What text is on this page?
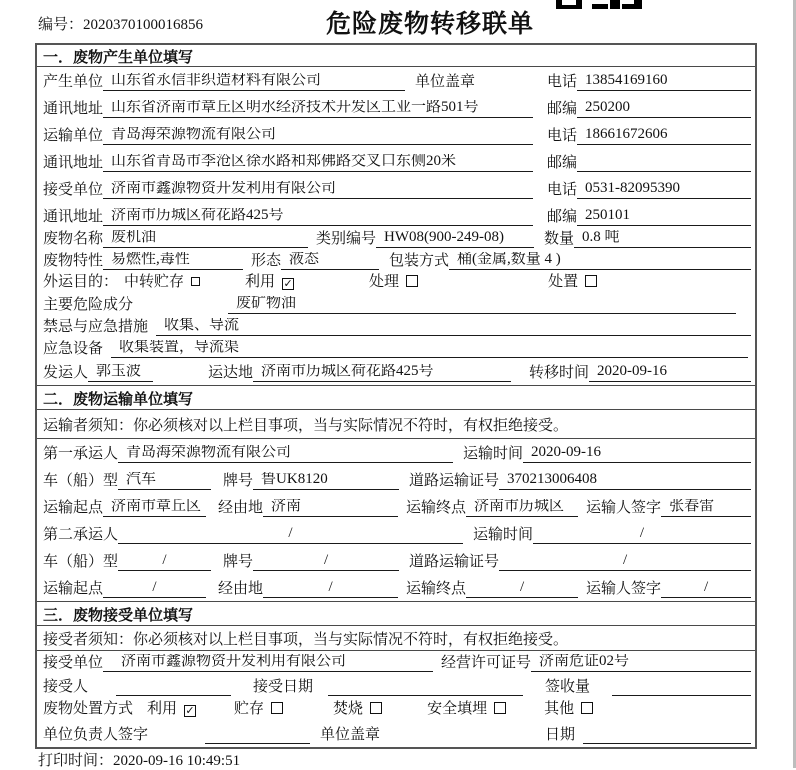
编号：2020370100016856	危险废物转移联单
一．废物产生单位填写
产生单位 山东省永信非织造材料有限公司	单位盖章	电话 13854169160
通讯地址 山东省济南市章丘区明水经济技术开发区工业一路501号	邮编 250200
运输单位 青岛海荣源物流有限公司	电话 18661672606
通讯地址 山东省青岛市李沧区徐水路和郑佛路交叉口东侧20米	邮编
接受单位 济南市鑫源物资开发利用有限公司	电话 0531-82095390
通讯地址 济南市历城区荷花路425号	邮编 250101
废物名称 废机油	类别编号 HW08(900-249-08)	数量 0.8 吨
废物特性 易燃性,毒性	形态 液态	包装方式 桶(金属,数量 4 )
外运目的： 中转贮存	利用 ✓	处理	处置
主要危险成分	废矿物油
禁忌与应急措施	收集、导流
应急设备	收集装置，导流渠
发运人 郭玉波	运达地 济南市历城区荷花路425号	转移时间 2020-09-16
二．废物运输单位填写
运输者须知：你必须核对以上栏目事项，当与实际情况不符时，有权拒绝接受。
第一承运人 青岛海荣源物流有限公司	运输时间 2020-09-16
车（船）型 汽车	牌号 鲁UK8120	道路运输证号 370213006408
运输起点 济南市章丘区	经由地 济南	运输终点 济南市历城区	运输人签字 张春雷
第二承运人	/	运输时间	/
车（船）型	/	牌号	/	道路运输证号	/
运输起点	/	经由地	/	运输终点	/	运输人签字	/
三．废物接受单位填写
接受者须知：你必须核对以上栏目事项，当与实际情况不符时，有权拒绝接受。
接受单位	济南市鑫源物资开发利用有限公司	经营许可证号 济南危证02号
接受人	接受日期	签收量
废物处置方式 利用 ✓	贮存	焚烧	安全填埋	其他
单位负责人签字	单位盖章	日期
打印时间：2020-09-16 10:49:51
